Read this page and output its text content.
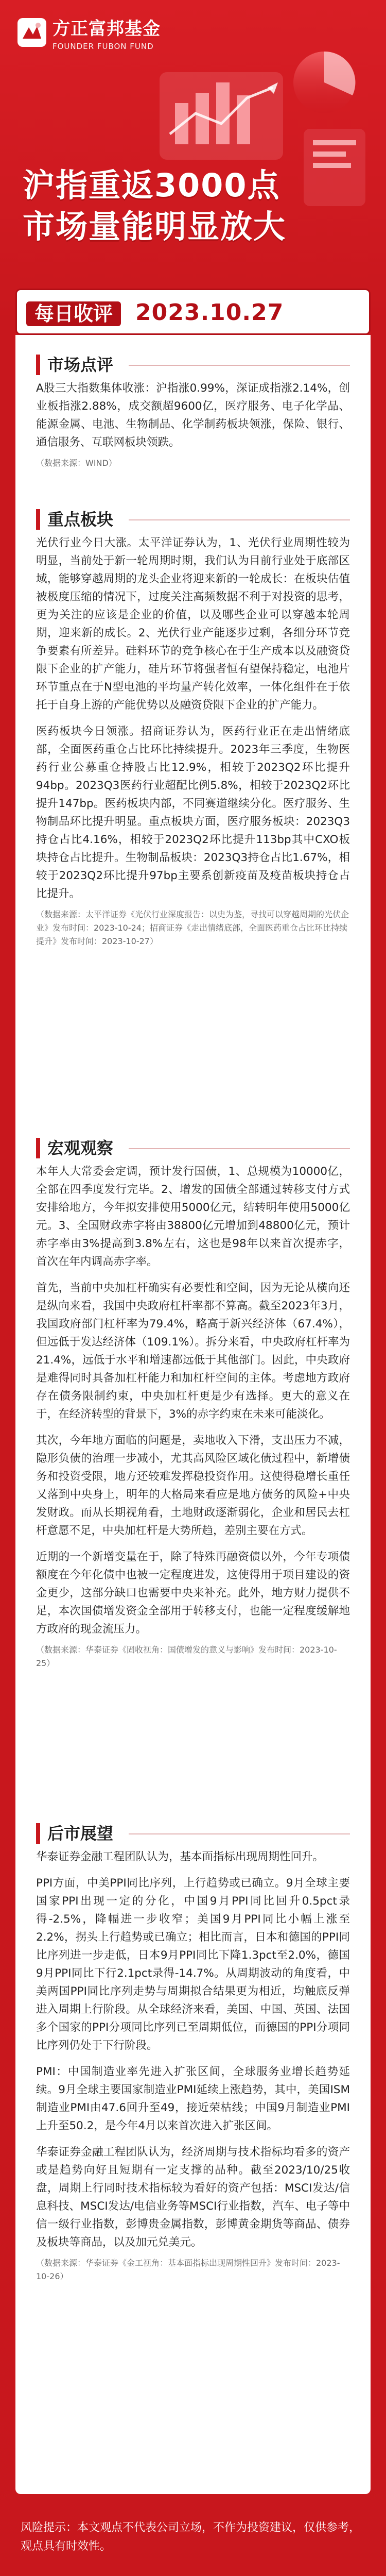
方正富邦基金
FOUNDER FUBON FUND
沪指重返3000点
市场量能明显放大
每日收评 2023.10.27
市场点评

A股三大指数集体收涨：沪指涨0.99%，深证成指涨2.14%，创业板指涨2.88%，成交额超9600亿，医疗服务、电子化学品、能源金属、电池、生物制品、化学制药板块领涨，保险、银行、通信服务、互联网板块领跌。

（数据来源：WIND）

重点板块

光伏行业今日大涨。太平洋证券认为，1、光伏行业周期性较为明显，当前处于新一轮周期时期，我们认为目前行业处于底部区域，能够穿越周期的龙头企业将迎来新的一轮成长：在板块估值被极度压缩的情况下，过度关注高频数据不利于对投资的思考，更为关注的应该是企业的价值，以及哪些企业可以穿越本轮周期，迎来新的成长。2、光伏行业产能逐步过剩，各细分环节竞争要素有所差异。硅料环节的竞争核心在于生产成本以及融资贷限下企业的扩产能力，硅片环节将强者恒有望保持稳定，电池片环节重点在于N型电池的平均量产转化效率，一体化组件在于依托于自身上游的产能优势以及融资贷限下企业的扩产能力。

医药板块今日领涨。招商证券认为，医药行业正在走出情绪底部，全面医药重仓占比环比持续提升。2023年三季度，生物医药行业公募重仓持股占比12.9%，相较于2023Q2环比提升94bp。2023Q3医药行业超配比例5.8%，相较于2023Q2环比提升147bp。医药板块内部，不同赛道继续分化。医疗服务、生物制品环比提升明显。重点板块方面，医疗服务板块：2023Q3持仓占比4.16%，相较于2023Q2环比提升113bp其中CXO板块持仓占比提升。生物制品板块：2023Q3持仓占比1.67%，相较于2023Q2环比提升97bp主要系创新疫苗及疫苗板块持仓占比提升。

（数据来源：太平洋证券《光伏行业深度报告：以史为鉴，寻找可以穿越周期的光伏企业》发布时间：2023-10-24；招商证券《走出情绪底部，全面医药重仓占比环比持续提升》发布时间：2023-10-27）

宏观观察

本年人大常委会定调，预计发行国债，1、总规模为10000亿，全部在四季度发行完毕。2、增发的国债全部通过转移支付方式安排给地方，今年拟安排使用5000亿元，结转明年使用5000亿元。3、全国财政赤字将由38800亿元增加到48800亿元，预计赤字率由3%提高到3.8%左右，这也是98年以来首次提赤字，首次在年内调高赤字率。

首先，当前中央加杠杆确实有必要性和空间，因为无论从横向还是纵向来看，我国中央政府杠杆率都不算高。截至2023年3月，我国政府部门杠杆率为79.4%，略高于新兴经济体（67.4%），但远低于发达经济体（109.1%）。拆分来看，中央政府杠杆率为21.4%，远低于水平和增速都远低于其他部门。因此，中央政府是难得同时具备加杠杆能力和加杠杆空间的主体。考虑地方政府存在债务限制约束，中央加杠杆更是少有选择。更大的意义在于，在经济转型的背景下，3%的赤字约束在未来可能淡化。

其次，今年地方面临的问题是，卖地收入下滑，支出压力不减，隐形负债的治理一步减小，尤其高风险区域化债过程中，新增债务和投资受限，地方还较难发挥稳投资作用。这使得稳增长重任又落到中央身上，明年的大格局来看应是地方债务的风险+中央发财政。而从长期视角看，土地财政逐渐弱化，企业和居民去杠杆意愿不足，中央加杠杆是大势所趋，差别主要在方式。

近期的一个新增变量在于，除了特殊再融资债以外，今年专项债额度在今年化债中也被一定程度进发，这使得用于项目建设的资金更少，这部分缺口也需要中央来补充。此外，地方财力提供不足，本次国债增发资金全部用于转移支付，也能一定程度缓解地方政府的现金流压力。

（数据来源：华泰证券《固收视角：国债增发的意义与影响》发布时间：2023-10-25）

后市展望

华泰证券金融工程团队认为，基本面指标出现周期性回升。

PPI方面，中美PPI同比序列，上行趋势或已确立。9月全球主要国家PPI出现一定的分化，中国9月PPI同比回升0.5pct录得-2.5%，降幅进一步收窄；美国9月PPI同比小幅上涨至2.2%，拐头上行趋势或已确立；相比而言，日本和德国的PPI同比序列进一步走低，日本9月PPI同比下降1.3pct至2.0%，德国9月PPI同比下行2.1pct录得-14.7%。从周期波动的角度看，中美两国PPI同比序列走势与周期拟合结果更为相近，均触底反弹进入周期上行阶段。从全球经济来看，美国、中国、英国、法国多个国家的PPI分项同比序列已至周期低位，而德国的PPI分项同比序列仍处于下行阶段。

PMI：中国制造业率先进入扩张区间，全球服务业增长趋势延续。9月全球主要国家制造业PMI延续上涨趋势，其中，美国ISM制造业PMI由47.6回升至49，接近荣枯线；中国9月制造业PMI上升至50.2，是今年4月以来首次进入扩张区间。

华泰证券金融工程团队认为，经济周期与技术指标均看多的资产或是趋势向好且短期有一定支撑的品种。截至2023/10/25收盘，周期上行同时技术指标较为看好的资产包括：MSCI发达/信息科技、MSCI发达/电信业务等MSCI行业指数，汽车、电子等中信一级行业指数，彭博贵金属指数，彭博黄金期货等商品、债券及板块等商品，以及加元兑美元。

（数据来源：华泰证券《金工视角：基本面指标出现周期性回升》发布时间：2023-10-26）

风险提示：本文观点不代表公司立场，不作为投资建议，仅供参考，观点具有时效性。
